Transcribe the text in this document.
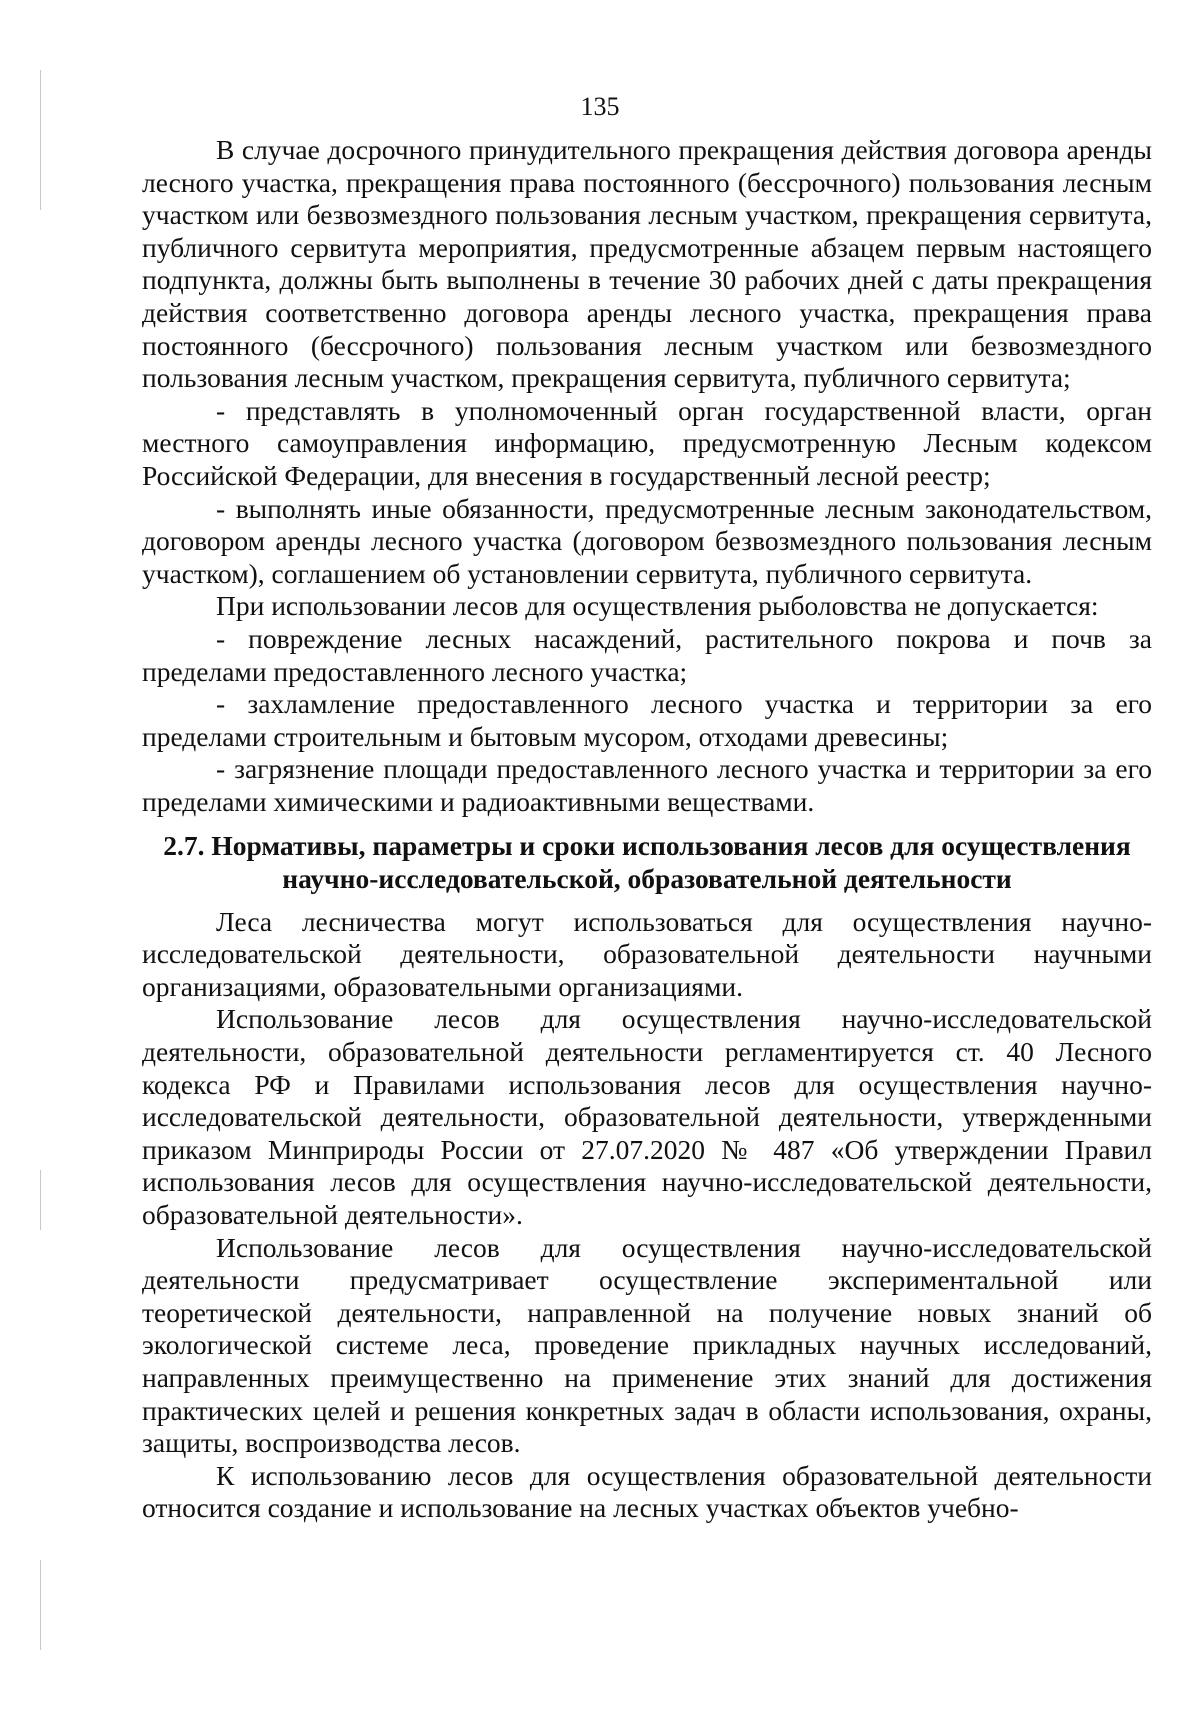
135

В случае досрочного принудительного прекращения действия договора аренды лесного участка, прекращения права постоянного (бессрочного) пользования лесным участком или безвозмездного пользования лесным участком, прекращения сервитута, публичного сервитута мероприятия, предусмотренные абзацем первым настоящего подпункта, должны быть выполнены в течение 30 рабочих дней с даты прекращения действия соответственно договора аренды лесного участка, прекращения права постоянного (бессрочного) пользования лесным участком или безвозмездного пользования лесным участком, прекращения сервитута, публичного сервитута;

- представлять в уполномоченный орган государственной власти, орган местного самоуправления информацию, предусмотренную Лесным кодексом Российской Федерации, для внесения в государственный лесной реестр;

- выполнять иные обязанности, предусмотренные лесным законодательством, договором аренды лесного участка (договором безвозмездного пользования лесным участком), соглашением об установлении сервитута, публичного сервитута.

При использовании лесов для осуществления рыболовства не допускается:

- повреждение лесных насаждений, растительного покрова и почв за пределами предоставленного лесного участка;

- захламление предоставленного лесного участка и территории за его пределами строительным и бытовым мусором, отходами древесины;

- загрязнение площади предоставленного лесного участка и территории за его пределами химическими и радиоактивными веществами.

2.7. Нормативы, параметры и сроки использования лесов для осуществления научно-исследовательской, образовательной деятельности

Леса лесничества могут использоваться для осуществления научно-исследовательской деятельности, образовательной деятельности научными организациями, образовательными организациями.

Использование лесов для осуществления научно-исследовательской деятельности, образовательной деятельности регламентируется ст. 40 Лесного кодекса РФ и Правилами использования лесов для осуществления научно-исследовательской деятельности, образовательной деятельности, утвержденными приказом Минприроды России от 27.07.2020 № 487 «Об утверждении Правил использования лесов для осуществления научно-исследовательской деятельности, образовательной деятельности».

Использование лесов для осуществления научно-исследовательской деятельности предусматривает осуществление экспериментальной или теоретической деятельности, направленной на получение новых знаний об экологической системе леса, проведение прикладных научных исследований, направленных преимущественно на применение этих знаний для достижения практических целей и решения конкретных задач в области использования, охраны, защиты, воспроизводства лесов.

К использованию лесов для осуществления образовательной деятельности относится создание и использование на лесных участках объектов учебно-
